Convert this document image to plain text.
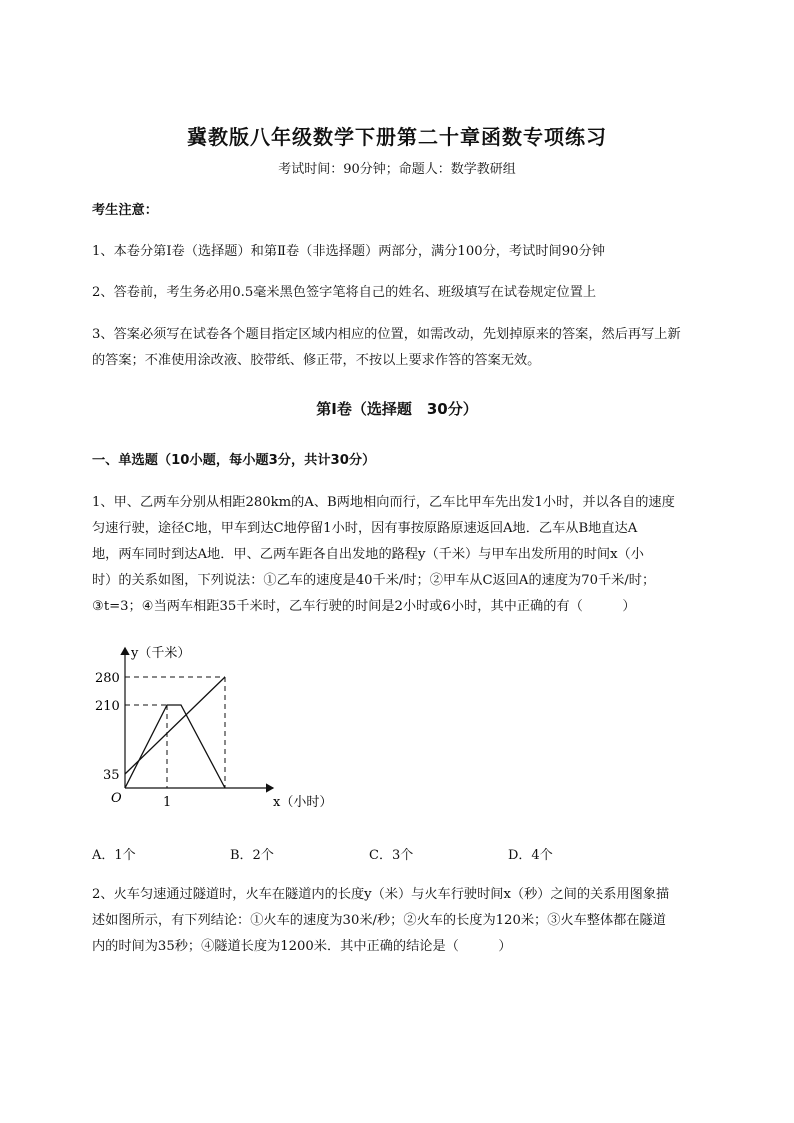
冀教版八年级数学下册第二十章函数专项练习
考试时间：90分钟；命题人：数学教研组
考生注意：
1、本卷分第I卷（选择题）和第Ⅱ卷（非选择题）两部分，满分100分，考试时间90分钟
2、答卷前，考生务必用0.5毫米黑色签字笔将自己的姓名、班级填写在试卷规定位置上
3、答案必须写在试卷各个题目指定区域内相应的位置，如需改动，先划掉原来的答案，然后再写上新
的答案；不准使用涂改液、胶带纸、修正带，不按以上要求作答的答案无效。
第I卷（选择题　30分）
一、单选题（10小题，每小题3分，共计30分）
1、甲、乙两车分别从相距280km的A、B两地相向而行，乙车比甲车先出发1小时，并以各自的速度
匀速行驶，途径C地，甲车到达C地停留1小时，因有事按原路原速返回A地．乙车从B地直达A
地，两车同时到达A地．甲、乙两车距各自出发地的路程y（千米）与甲车出发所用的时间x（小
时）的关系如图，下列说法：①乙车的速度是40千米/时；②甲车从C返回A的速度为70千米/时；
③t=3；④当两车相距35千米时，乙车行驶的时间是2小时或6小时，其中正确的有（　　　）
y（千米）
x（小时）
O
280
210
35
1
A．1个	B．2个	C．3个	D．4个
2、火车匀速通过隧道时，火车在隧道内的长度y（米）与火车行驶时间x（秒）之间的关系用图象描
述如图所示，有下列结论：①火车的速度为30米/秒；②火车的长度为120米；③火车整体都在隧道
内的时间为35秒；④隧道长度为1200米．其中正确的结论是（　　　）
